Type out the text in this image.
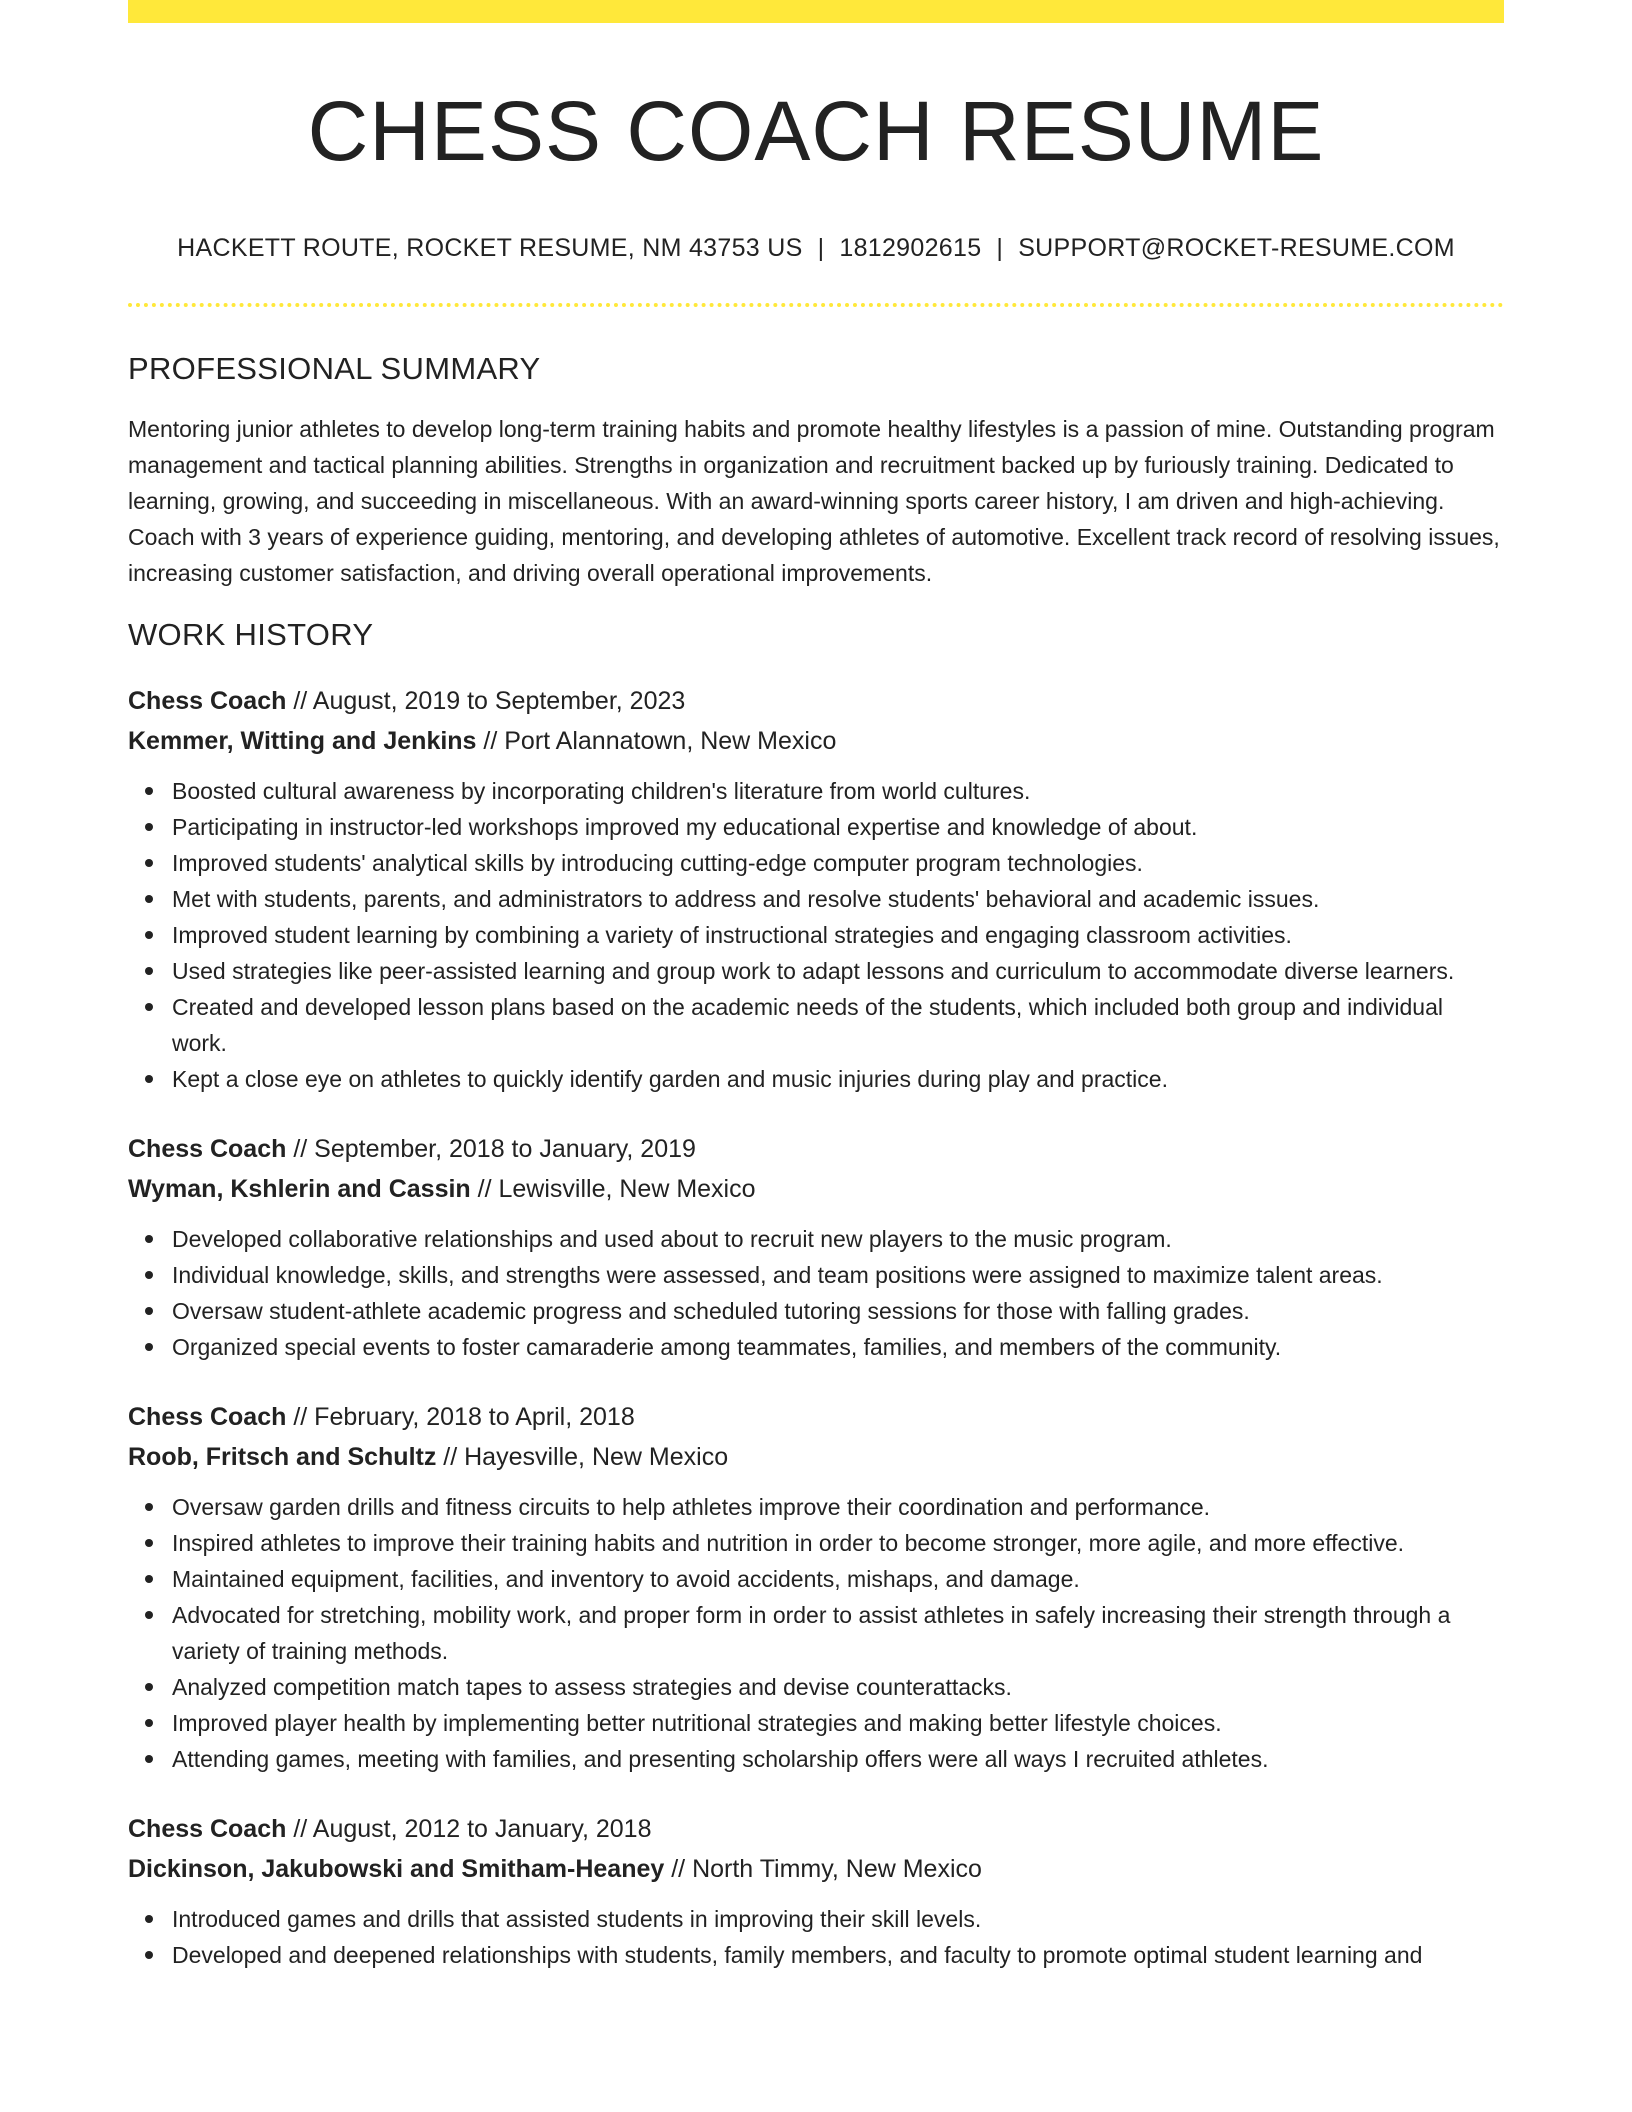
CHESS COACH RESUME
HACKETT ROUTE, ROCKET RESUME, NM 43753 US | 1812902615 | SUPPORT@ROCKET-RESUME.COM
PROFESSIONAL SUMMARY

Mentoring junior athletes to develop long-term training habits and promote healthy lifestyles is a passion of mine. Outstanding program management and tactical planning abilities. Strengths in organization and recruitment backed up by furiously training. Dedicated to learning, growing, and succeeding in miscellaneous. With an award-winning sports career history, I am driven and high-achieving. Coach with 3 years of experience guiding, mentoring, and developing athletes of automotive. Excellent track record of resolving issues, increasing customer satisfaction, and driving overall operational improvements.

WORK HISTORY
Chess Coach // August, 2019 to September, 2023
Kemmer, Witting and Jenkins // Port Alannatown, New Mexico
Boosted cultural awareness by incorporating children's literature from world cultures.
Participating in instructor-led workshops improved my educational expertise and knowledge of about.
Improved students' analytical skills by introducing cutting-edge computer program technologies.
Met with students, parents, and administrators to address and resolve students' behavioral and academic issues.
Improved student learning by combining a variety of instructional strategies and engaging classroom activities.
Used strategies like peer-assisted learning and group work to adapt lessons and curriculum to accommodate diverse learners.
Created and developed lesson plans based on the academic needs of the students, which included both group and individual work.
Kept a close eye on athletes to quickly identify garden and music injuries during play and practice.
Chess Coach // September, 2018 to January, 2019
Wyman, Kshlerin and Cassin // Lewisville, New Mexico
Developed collaborative relationships and used about to recruit new players to the music program.
Individual knowledge, skills, and strengths were assessed, and team positions were assigned to maximize talent areas.
Oversaw student-athlete academic progress and scheduled tutoring sessions for those with falling grades.
Organized special events to foster camaraderie among teammates, families, and members of the community.
Chess Coach // February, 2018 to April, 2018
Roob, Fritsch and Schultz // Hayesville, New Mexico
Oversaw garden drills and fitness circuits to help athletes improve their coordination and performance.
Inspired athletes to improve their training habits and nutrition in order to become stronger, more agile, and more effective.
Maintained equipment, facilities, and inventory to avoid accidents, mishaps, and damage.
Advocated for stretching, mobility work, and proper form in order to assist athletes in safely increasing their strength through a variety of training methods.
Analyzed competition match tapes to assess strategies and devise counterattacks.
Improved player health by implementing better nutritional strategies and making better lifestyle choices.
Attending games, meeting with families, and presenting scholarship offers were all ways I recruited athletes.
Chess Coach // August, 2012 to January, 2018
Dickinson, Jakubowski and Smitham-Heaney // North Timmy, New Mexico
Introduced games and drills that assisted students in improving their skill levels.
Developed and deepened relationships with students, family members, and faculty to promote optimal student learning and
